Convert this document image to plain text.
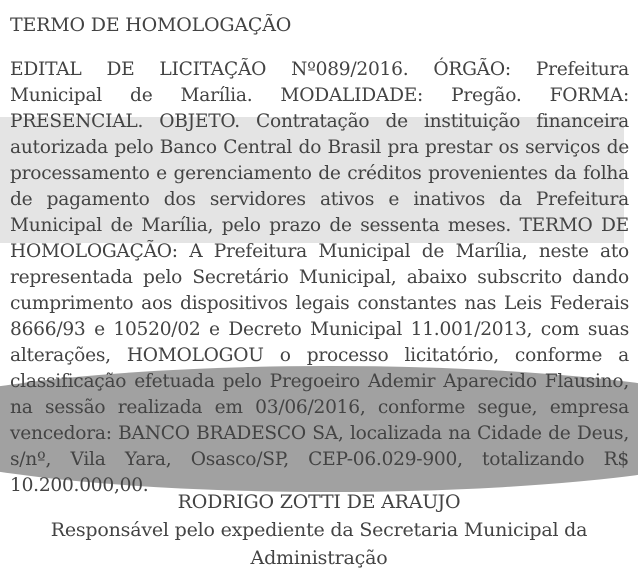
TERMO DE HOMOLOGAÇÃO

EDITAL DE LICITAÇÃO Nº089/2016. ÓRGÃO: Prefeitura Municipal de Marília. MODALIDADE: Pregão. FORMA: PRESENCIAL. OBJETO. Contratação de instituição financeira autorizada pelo Banco Central do Brasil pra prestar os serviços de processamento e gerenciamento de créditos provenientes da folha de pagamento dos servidores ativos e inativos da Prefeitura Municipal de Marília, pelo prazo de sessenta meses. TERMO DE HOMOLOGAÇÃO: A Prefeitura Municipal de Marília, neste ato representada pelo Secretário Municipal, abaixo subscrito dando cumprimento aos dispositivos legais constantes nas Leis Federais 8666/93 e 10520/02 e Decreto Municipal 11.001/2013, com suas alterações, HOMOLOGOU o processo licitatório, conforme a classificação efetuada pelo Pregoeiro Ademir Aparecido Flausino, na sessão realizada em 03/06/2016, conforme segue, empresa vencedora: BANCO BRADESCO SA, localizada na Cidade de Deus, s/nº, Vila Yara, Osasco/SP, CEP-06.029-900, totalizando R$ 10.200.000,00.

RODRIGO ZOTTI DE ARAUJO
Responsável pelo expediente da Secretaria Municipal da Administração
